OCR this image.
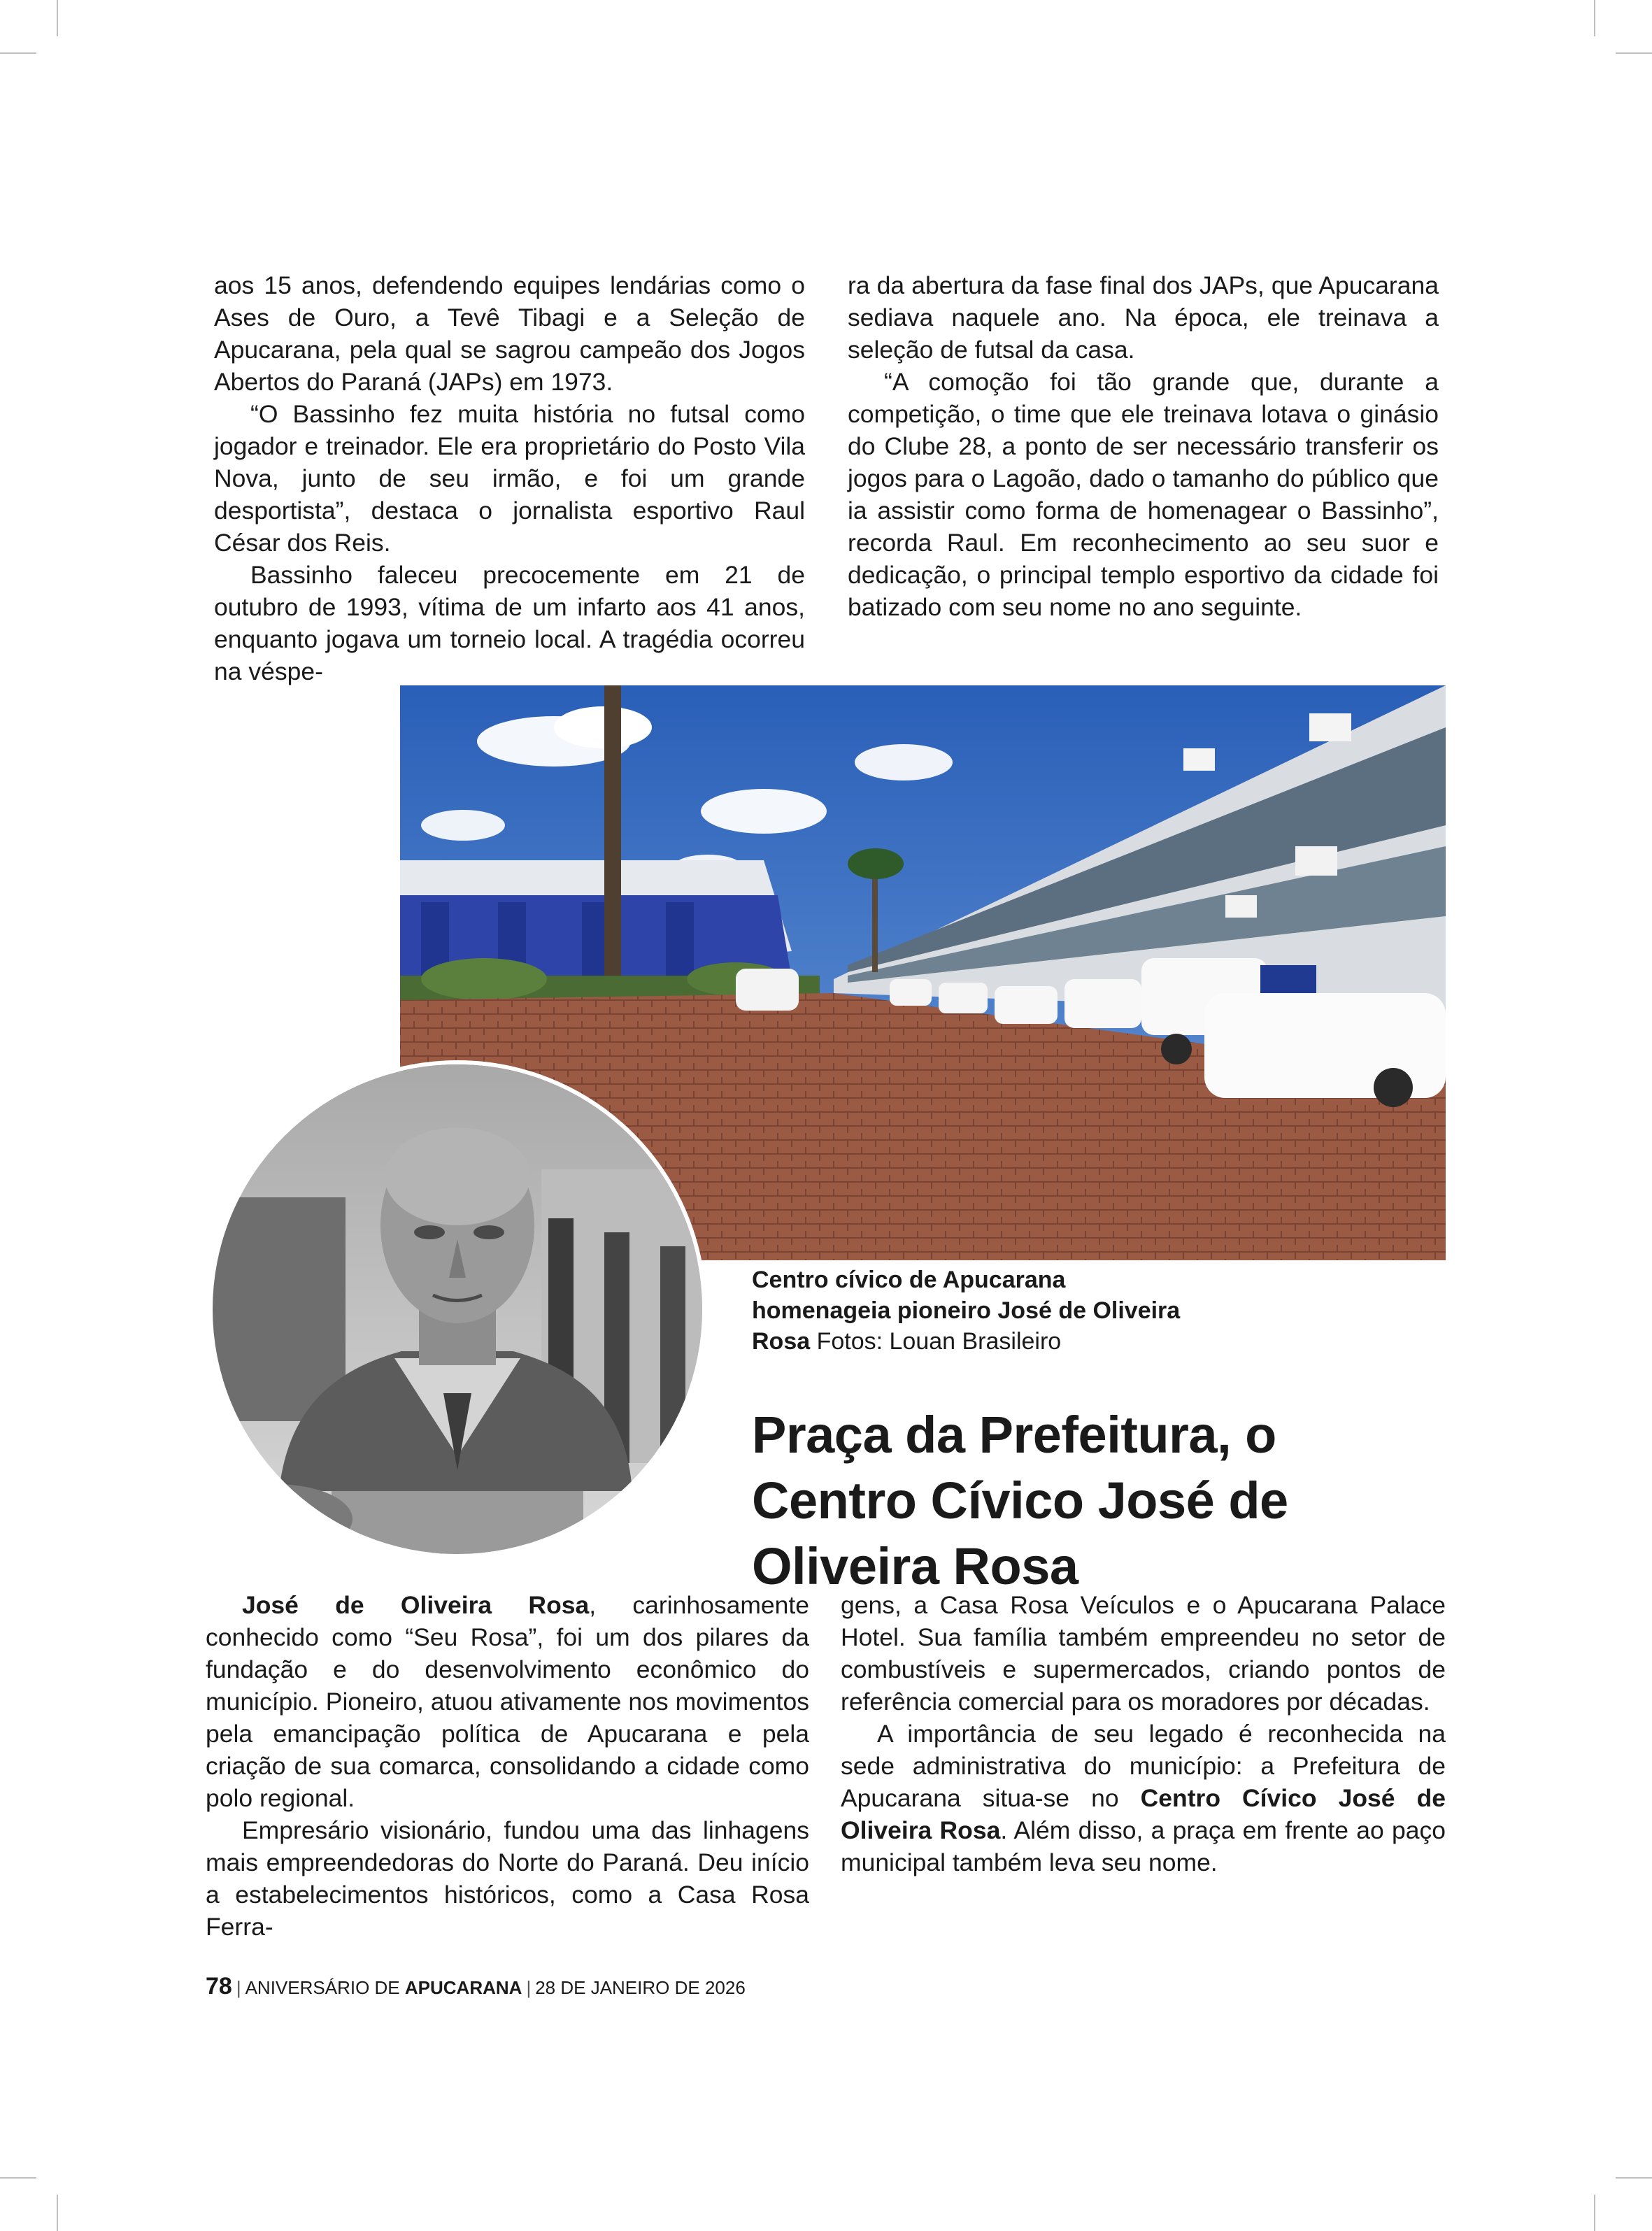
aos 15 anos, defendendo equipes lendárias como o Ases de Ouro, a Tevê Tibagi e a Seleção de Apucarana, pela qual se sagrou campeão dos Jogos Abertos do Paraná (JAPs) em 1973.

“O Bassinho fez muita história no futsal como jogador e treinador. Ele era proprietário do Posto Vila Nova, junto de seu irmão, e foi um grande desportista”, destaca o jornalista esportivo Raul César dos Reis.

Bassinho faleceu precocemente em 21 de outubro de 1993, vítima de um infarto aos 41 anos, enquanto jogava um torneio local. A tragédia ocorreu na véspe-

ra da abertura da fase final dos JAPs, que Apucarana sediava naquele ano. Na época, ele treinava a seleção de futsal da casa.

“A comoção foi tão grande que, durante a competição, o time que ele treinava lotava o ginásio do Clube 28, a ponto de ser necessário transferir os jogos para o Lagoão, dado o tamanho do público que ia assistir como forma de homenagear o Bassinho”, recorda Raul. Em reconhecimento ao seu suor e dedicação, o principal templo esportivo da cidade foi batizado com seu nome no ano seguinte.

Centro cívico de Apucarana homenageia pioneiro José de Oliveira Rosa Fotos: Louan Brasileiro
Praça da Prefeitura, o Centro Cívico José de Oliveira Rosa

José de Oliveira Rosa, carinhosamente conhecido como “Seu Rosa”, foi um dos pilares da fundação e do desenvolvimento econômico do município. Pioneiro, atuou ativamente nos movimentos pela emancipação política de Apucarana e pela criação de sua comarca, consolidando a cidade como polo regional.

Empresário visionário, fundou uma das linhagens mais empreendedoras do Norte do Paraná. Deu início a estabelecimentos históricos, como a Casa Rosa Ferra-

gens, a Casa Rosa Veículos e o Apucarana Palace Hotel. Sua família também empreendeu no setor de combustíveis e supermercados, criando pontos de referência comercial para os moradores por décadas.

A importância de seu legado é reconhecida na sede administrativa do município: a Prefeitura de Apucarana situa-se no Centro Cívico José de Oliveira Rosa. Além disso, a praça em frente ao paço municipal também leva seu nome.

78 | ANIVERSÁRIO DE APUCARANA | 28 DE JANEIRO DE 2026
